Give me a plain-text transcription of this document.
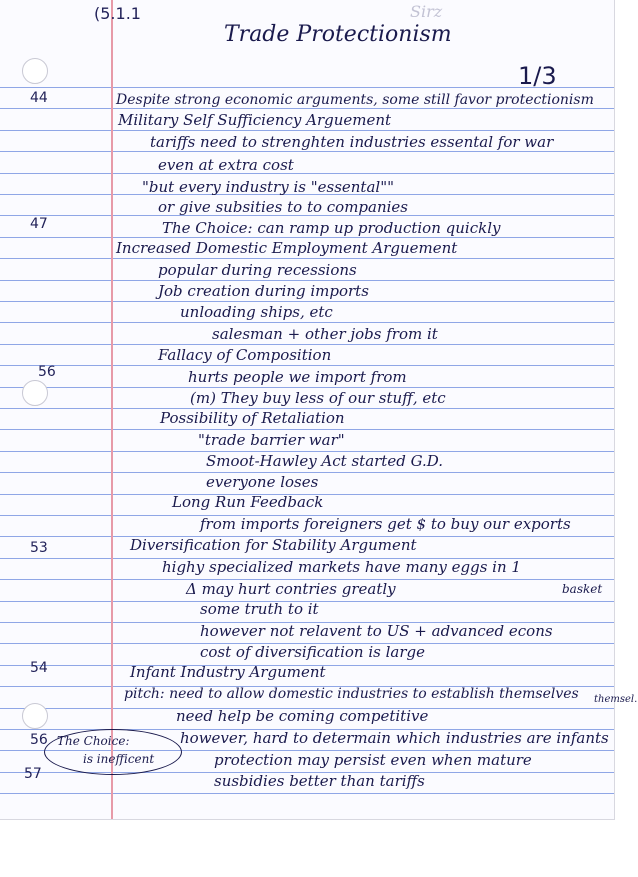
Sirz
(5.1.1
Trade Protectionism
1/3
44
47
56
53
54
56
57
Despite strong economic arguments, some still favor protectionism
Military Self Sufficiency Arguement
tariffs need to strenghten industries essental for war
even at extra cost
"but every industry is "essental""
or give subsities to to companies
The Choice: can ramp up production quickly
Increased Domestic Employment Arguement
popular during recessions
Job creation during imports
unloading ships, etc
salesman + other jobs from it
Fallacy of Composition
hurts people we import from
(m) They buy less of our stuff, etc
Possibility of Retaliation
"trade barrier war"
Smoot-Hawley Act started G.D.
everyone loses
Long Run Feedback
from imports foreigners get $ to buy our exports
Diversification for Stability Argument
highy specialized markets have many eggs in 1
Δ may hurt contries greatly
some truth to it
however not relavent to US + advanced econs
cost of diversification is large
Infant Industry Argument
pitch: need to allow domestic industries to establish themselves
need help be coming competitive
however, hard to determain which industries are infants
protection may persist even when mature
susbidies better than tariffs
basket
themsel.
The Choice:
is inefficent
